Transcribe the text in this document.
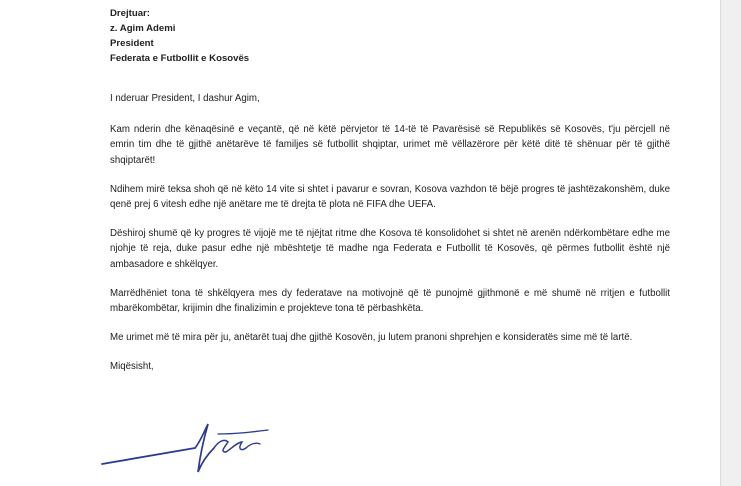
Drejtuar:
z. Agim Ademi
President
Federata e Futbollit e Kosovës

I nderuar President, I dashur Agim,

Kam nderin dhe kënaqësinë e veçantë, që në këtë përvjetor të 14-të të Pavarësisë së Republikës së Kosovës, t'ju përcjell në emrin tim dhe të gjithë anëtarëve të familjes së futbollit shqiptar, urimet më vëllazërore për këtë ditë të shënuar për të gjithë shqiptarët!

Ndihem mirë teksa shoh që në këto 14 vite si shtet i pavarur e sovran, Kosova vazhdon të bëjë progres të jashtëzakonshëm, duke qenë prej 6 vitesh edhe një anëtare me të drejta të plota në FIFA dhe UEFA.

Dëshiroj shumë që ky progres të vijojë me të njëjtat ritme dhe Kosova të konsolidohet si shtet në arenën ndërkombëtare edhe me njohje të reja, duke pasur edhe një mbështetje të madhe nga Federata e Futbollit të Kosovës, që përmes futbollit është një ambasadore e shkëlqyer.

Marrëdhëniet tona të shkëlqyera mes dy federatave na motivojnë që të punojmë gjithmonë e më shumë në rritjen e futbollit mbarëkombëtar, krijimin dhe finalizimin e projekteve tona të përbashkëta.

Me urimet më të mira për ju, anëtarët tuaj dhe gjithë Kosovën, ju lutem pranoni shprehjen e konsideratës sime më të lartë.

Miqësisht,
